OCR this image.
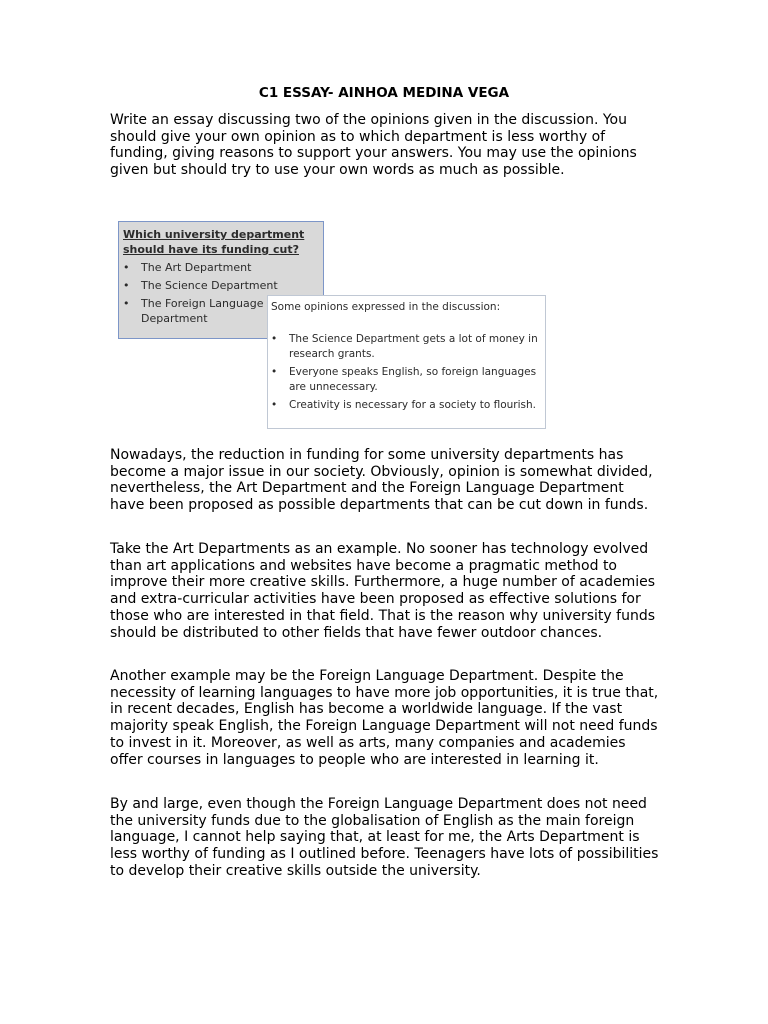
C1 ESSAY- AINHOA MEDINA VEGA

Write an essay discussing two of the opinions given in the discussion. You should give your own opinion as to which department is less worthy of funding, giving reasons to support your answers. You may use the opinions given but should try to use your own words as much as possible.

Which university department should have its funding cut?
• The Art Department
• The Science Department
• The Foreign Language Department
Some opinions expressed in the discussion:
• The Science Department gets a lot of money in research grants.
• Everyone speaks English, so foreign languages are unnecessary.
• Creativity is necessary for a society to flourish.

Nowadays, the reduction in funding for some university departments has become a major issue in our society. Obviously, opinion is somewhat divided, nevertheless, the Art Department and the Foreign Language Department have been proposed as possible departments that can be cut down in funds.

Take the Art Departments as an example. No sooner has technology evolved than art applications and websites have become a pragmatic method to improve their more creative skills. Furthermore, a huge number of academies and extra-curricular activities have been proposed as effective solutions for those who are interested in that field. That is the reason why university funds should be distributed to other fields that have fewer outdoor chances.

Another example may be the Foreign Language Department. Despite the necessity of learning languages to have more job opportunities, it is true that, in recent decades, English has become a worldwide language. If the vast majority speak English, the Foreign Language Department will not need funds to invest in it. Moreover, as well as arts, many companies and academies offer courses in languages to people who are interested in learning it.

By and large, even though the Foreign Language Department does not need the university funds due to the globalisation of English as the main foreign language, I cannot help saying that, at least for me, the Arts Department is less worthy of funding as I outlined before. Teenagers have lots of possibilities to develop their creative skills outside the university.
